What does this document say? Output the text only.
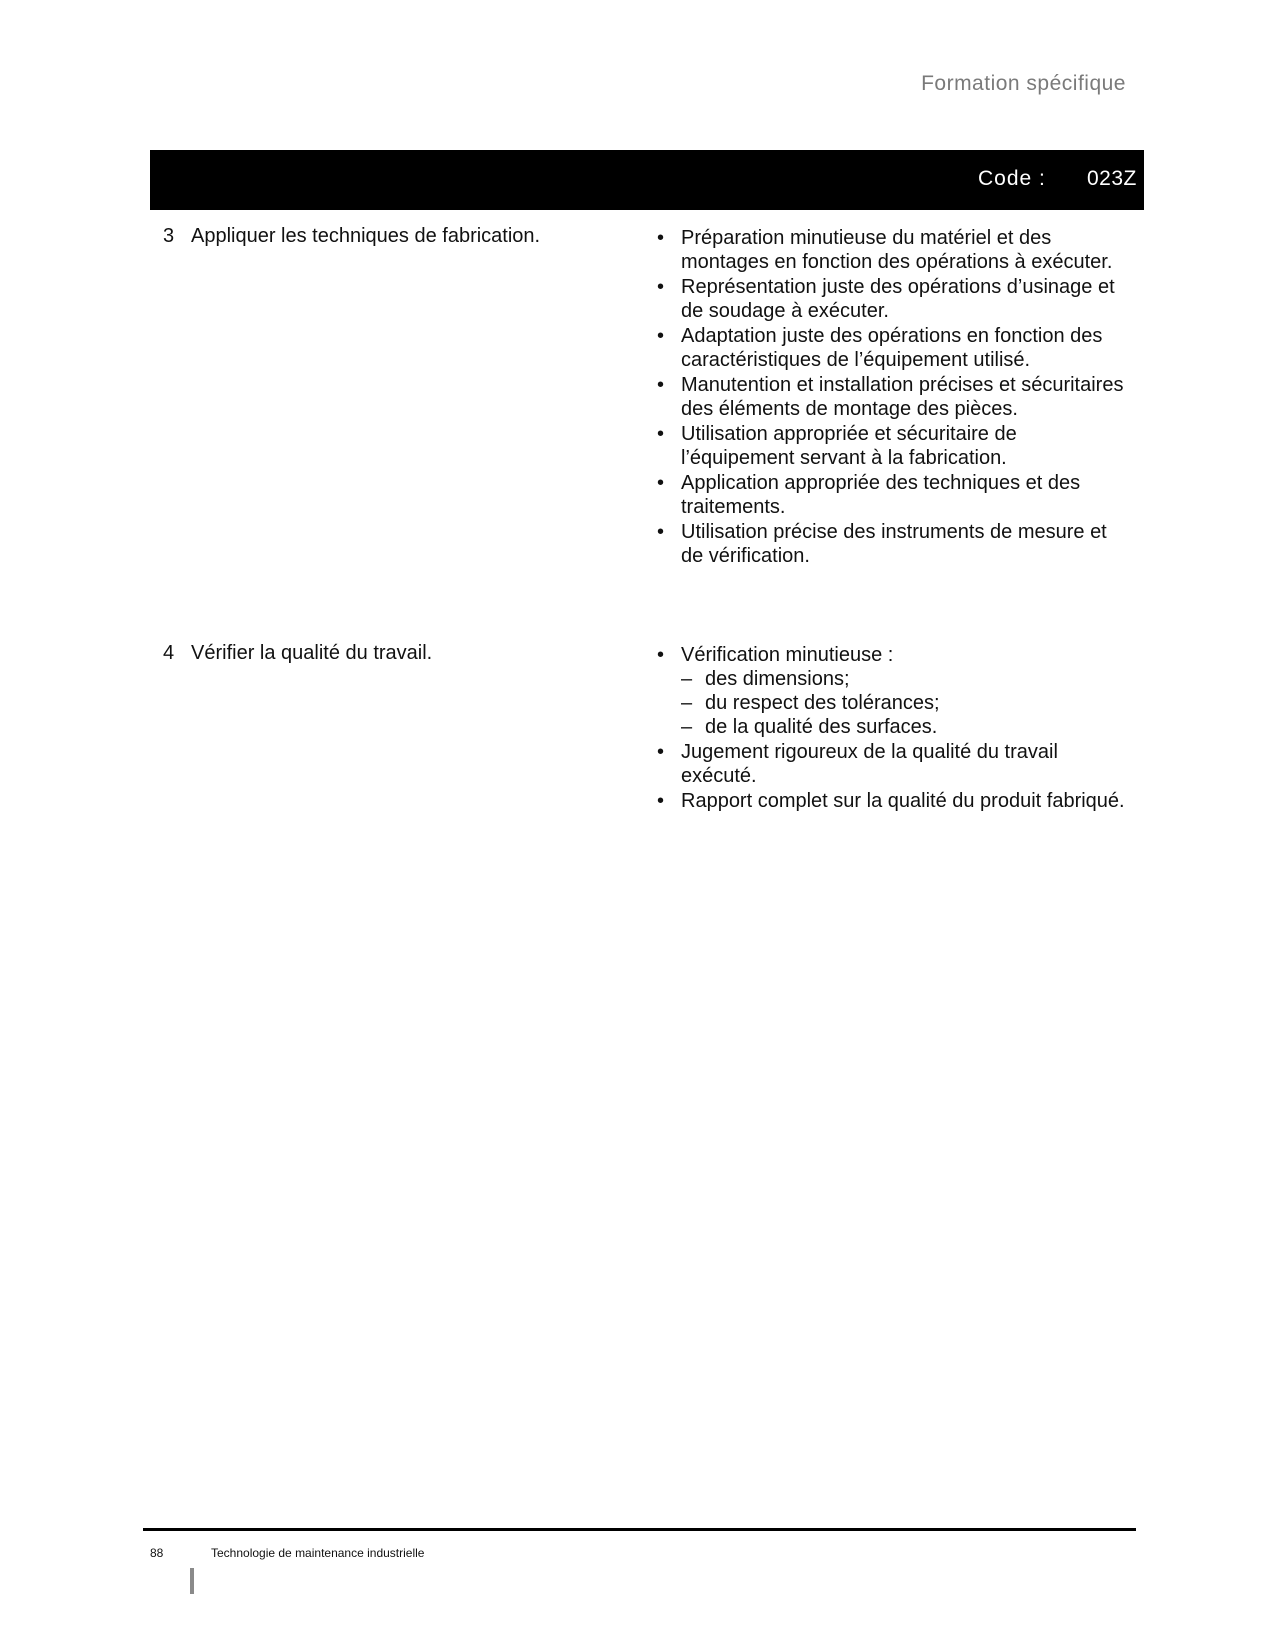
Formation spécifique
Code : 023Z
3 Appliquer les techniques de fabrication.	• Préparation minutieuse du matériel et des montages en fonction des opérations à exécuter.
• Représentation juste des opérations d’usinage et de soudage à exécuter.
• Adaptation juste des opérations en fonction des caractéristiques de l’équipement utilisé.
• Manutention et installation précises et sécuritaires des éléments de montage des pièces.
• Utilisation appropriée et sécuritaire de l’équipement servant à la fabrication.
• Application appropriée des techniques et des traitements.
• Utilisation précise des instruments de mesure et de vérification.
4 Vérifier la qualité du travail.	• Vérification minutieuse :
– des dimensions;
– du respect des tolérances;
– de la qualité des surfaces.
• Jugement rigoureux de la qualité du travail exécuté.
• Rapport complet sur la qualité du produit fabriqué.
88	Technologie de maintenance industrielle
